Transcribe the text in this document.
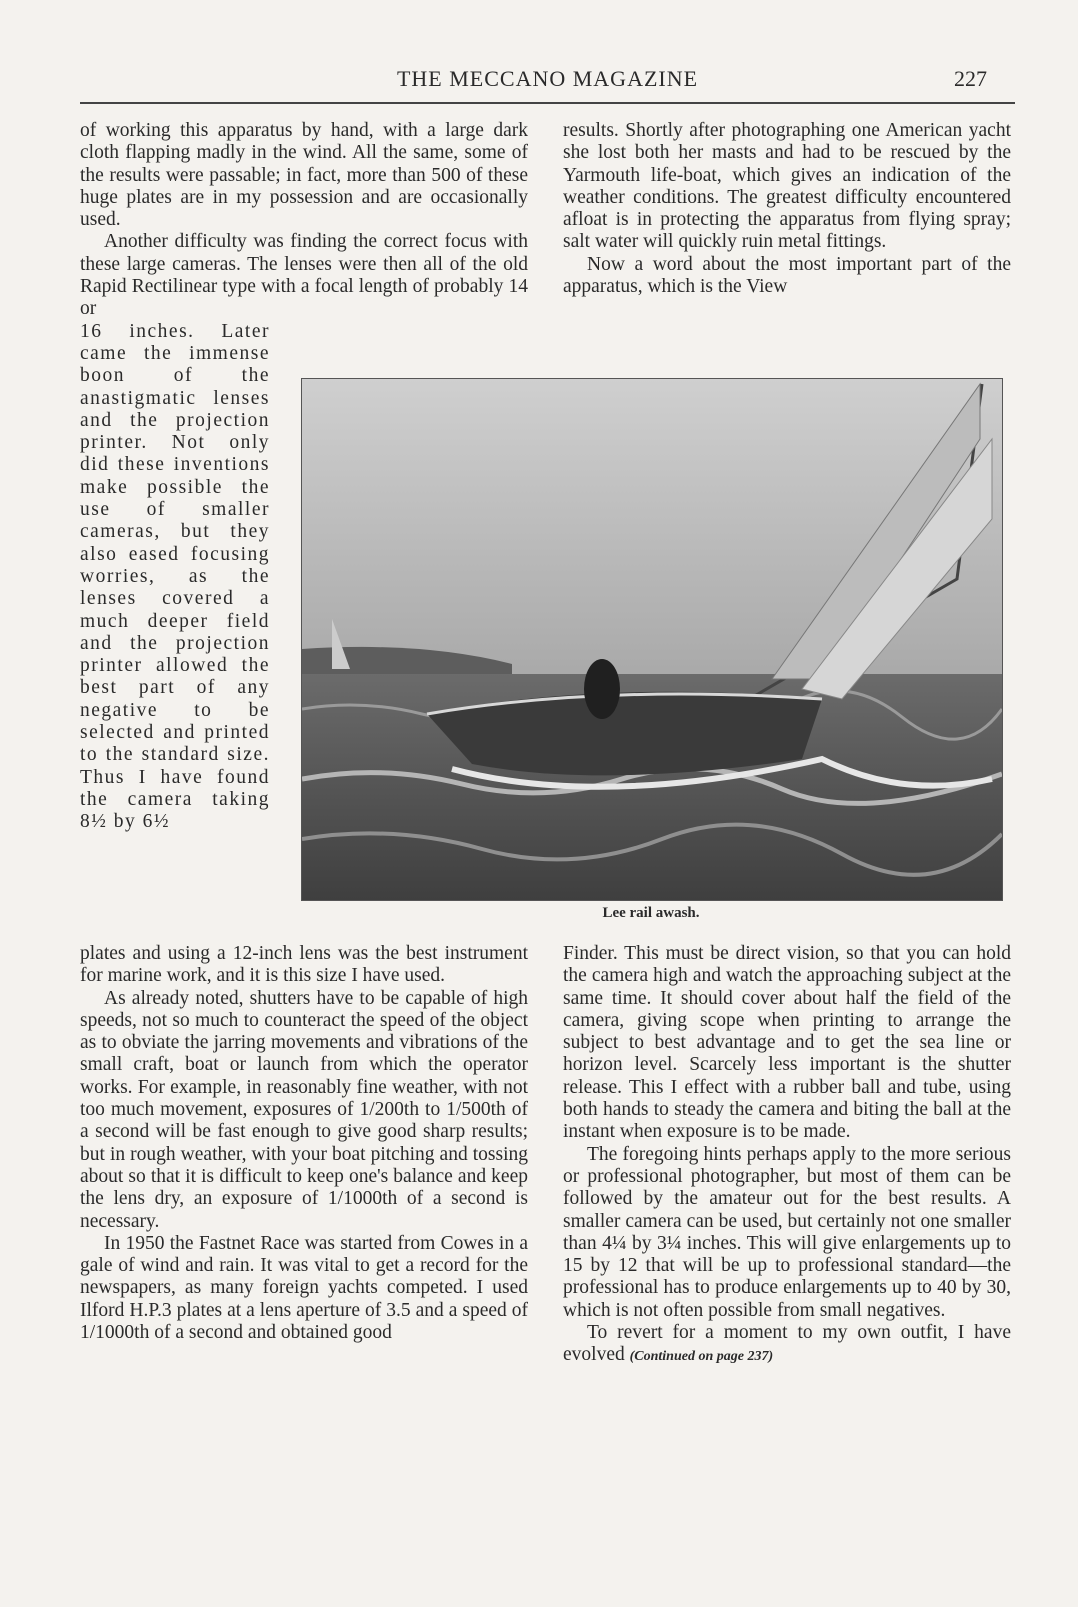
THE MECCANO MAGAZINE	227

of working this apparatus by hand, with a large dark cloth flapping madly in the wind. All the same, some of the results were passable; in fact, more than 500 of these huge plates are in my possession and are occasionally used.

Another difficulty was finding the correct focus with these large cameras. The lenses were then all of the old Rapid Rectilinear type with a focal length of probably 14 or

16 inches. Later came the immense boon of the anastigmatic lenses and the projection printer. Not only did these inventions make possible the use of smaller cameras, but they also eased focusing worries, as the lenses covered a much deeper field and the projection printer allowed the best part of any negative to be selected and printed to the standard size. Thus I have found the camera taking 8½ by 6½

plates and using a 12-inch lens was the best instrument for marine work, and it is this size I have used.

As already noted, shutters have to be capable of high speeds, not so much to counteract the speed of the object as to obviate the jarring movements and vibrations of the small craft, boat or launch from which the operator works. For example, in reasonably fine weather, with not too much movement, exposures of 1/200th to 1/500th of a second will be fast enough to give good sharp results; but in rough weather, with your boat pitching and tossing about so that it is difficult to keep one's balance and keep the lens dry, an exposure of 1/1000th of a second is necessary.

In 1950 the Fastnet Race was started from Cowes in a gale of wind and rain. It was vital to get a record for the newspapers, as many foreign yachts competed. I used Ilford H.P.3 plates at a lens aperture of 3.5 and a speed of 1/1000th of a second and obtained good

results. Shortly after photographing one American yacht she lost both her masts and had to be rescued by the Yarmouth life-boat, which gives an indication of the weather conditions. The greatest difficulty encountered afloat is in protecting the apparatus from flying spray; salt water will quickly ruin metal fittings.

Now a word about the most important part of the apparatus, which is the View

Lee rail awash.

Finder. This must be direct vision, so that you can hold the camera high and watch the approaching subject at the same time. It should cover about half the field of the camera, giving scope when printing to arrange the subject to best advantage and to get the sea line or horizon level. Scarcely less important is the shutter release. This I effect with a rubber ball and tube, using both hands to steady the camera and biting the ball at the instant when exposure is to be made.

The foregoing hints perhaps apply to the more serious or professional photographer, but most of them can be followed by the amateur out for the best results. A smaller camera can be used, but certainly not one smaller than 4¼ by 3¼ inches. This will give enlargements up to 15 by 12 that will be up to professional standard—the professional has to produce enlargements up to 40 by 30, which is not often possible from small negatives.

To revert for a moment to my own outfit, I have evolved (Continued on page 237)
